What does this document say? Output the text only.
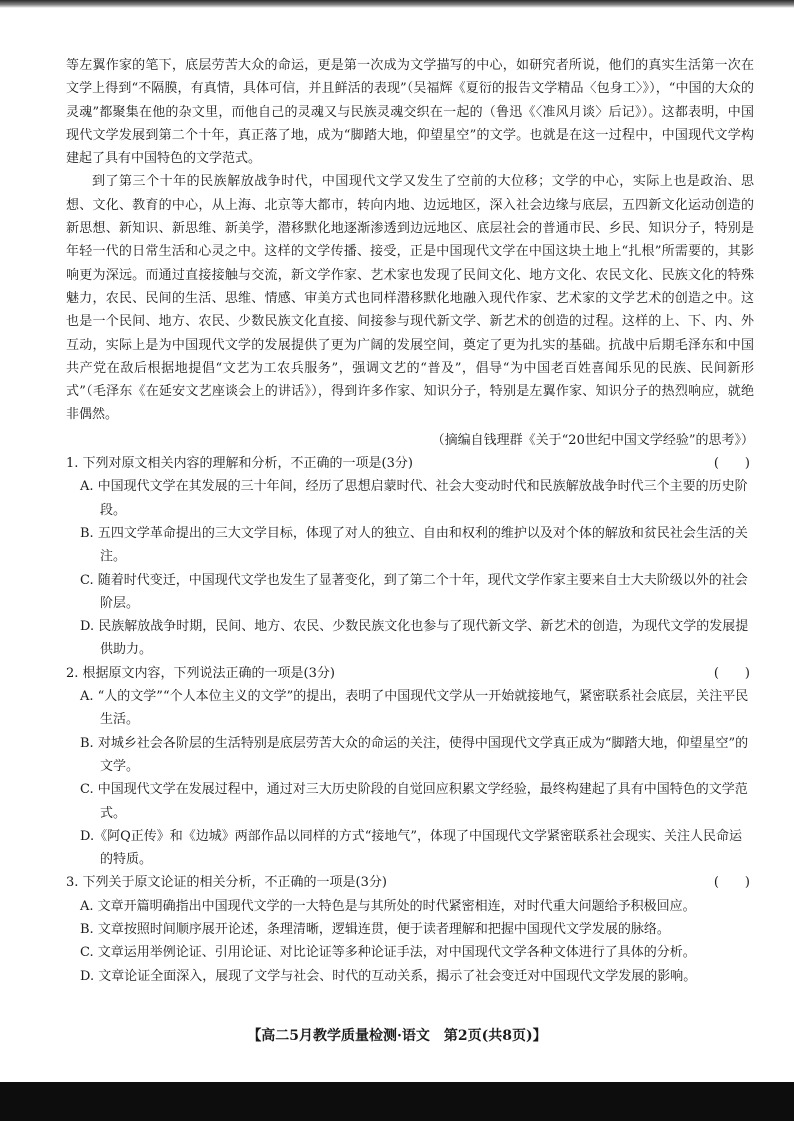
等左翼作家的笔下，底层劳苦大众的命运，更是第一次成为文学描写的中心，如研究者所说，他们的真实生活第一次在文学上得到“不隔膜，有真情，具体可信，并且鲜活的表现”（吴福辉《夏衍的报告文学精品〈包身工〉》），“中国的大众的灵魂”都聚集在他的杂文里，而他自己的灵魂又与民族灵魂交织在一起的（鲁迅《〈准风月谈〉后记》）。这都表明，中国现代文学发展到第二个十年，真正落了地，成为“脚踏大地，仰望星空”的文学。也就是在这一过程中，中国现代文学构建起了具有中国特色的文学范式。

到了第三个十年的民族解放战争时代，中国现代文学又发生了空前的大位移；文学的中心，实际上也是政治、思想、文化、教育的中心，从上海、北京等大都市，转向内地、边远地区，深入社会边缘与底层，五四新文化运动创造的新思想、新知识、新思维、新美学，潜移默化地逐渐渗透到边远地区、底层社会的普通市民、乡民、知识分子，特别是年轻一代的日常生活和心灵之中。这样的文学传播、接受，正是中国现代文学在中国这块土地上“扎根”所需要的，其影响更为深远。而通过直接接触与交流，新文学作家、艺术家也发现了民间文化、地方文化、农民文化、民族文化的特殊魅力，农民、民间的生活、思维、情感、审美方式也同样潜移默化地融入现代作家、艺术家的文学艺术的创造之中。这也是一个民间、地方、农民、少数民族文化直接、间接参与现代新文学、新艺术的创造的过程。这样的上、下、内、外互动，实际上是为中国现代文学的发展提供了更为广阔的发展空间，奠定了更为扎实的基础。抗战中后期毛泽东和中国共产党在敌后根据地提倡“文艺为工农兵服务”，强调文艺的“普及”，倡导“为中国老百姓喜闻乐见的民族、民间新形式”（毛泽东《在延安文艺座谈会上的讲话》），得到许多作家、知识分子，特别是左翼作家、知识分子的热烈响应，就绝非偶然。

（摘编自钱理群《关于“20世纪中国文学经验”的思考》）

1. 下列对原文相关内容的理解和分析，不正确的一项是(3分)	(　　)

A. 中国现代文学在其发展的三十年间，经历了思想启蒙时代、社会大变动时代和民族解放战争时代三个主要的历史阶段。

B. 五四文学革命提出的三大文学目标，体现了对人的独立、自由和权利的维护以及对个体的解放和贫民社会生活的关注。

C. 随着时代变迁，中国现代文学也发生了显著变化，到了第二个十年，现代文学作家主要来自士大夫阶级以外的社会阶层。

D. 民族解放战争时期，民间、地方、农民、少数民族文化也参与了现代新文学、新艺术的创造，为现代文学的发展提供助力。

2. 根据原文内容，下列说法正确的一项是(3分)	(　　)

A. “人的文学”“个人本位主义的文学”的提出，表明了中国现代文学从一开始就接地气，紧密联系社会底层，关注平民生活。

B. 对城乡社会各阶层的生活特别是底层劳苦大众的命运的关注，使得中国现代文学真正成为“脚踏大地，仰望星空”的文学。

C. 中国现代文学在发展过程中，通过对三大历史阶段的自觉回应积累文学经验，最终构建起了具有中国特色的文学范式。

D.《阿Q正传》和《边城》两部作品以同样的方式“接地气”，体现了中国现代文学紧密联系社会现实、关注人民命运的特质。

3. 下列关于原文论证的相关分析，不正确的一项是(3分)	(　　)

A. 文章开篇明确指出中国现代文学的一大特色是与其所处的时代紧密相连，对时代重大问题给予积极回应。

B. 文章按照时间顺序展开论述，条理清晰，逻辑连贯，便于读者理解和把握中国现代文学发展的脉络。

C. 文章运用举例论证、引用论证、对比论证等多种论证手法，对中国现代文学各种文体进行了具体的分析。

D. 文章论证全面深入，展现了文学与社会、时代的互动关系，揭示了社会变迁对中国现代文学发展的影响。

【高二5月教学质量检测·语文　第2页(共8页)】
